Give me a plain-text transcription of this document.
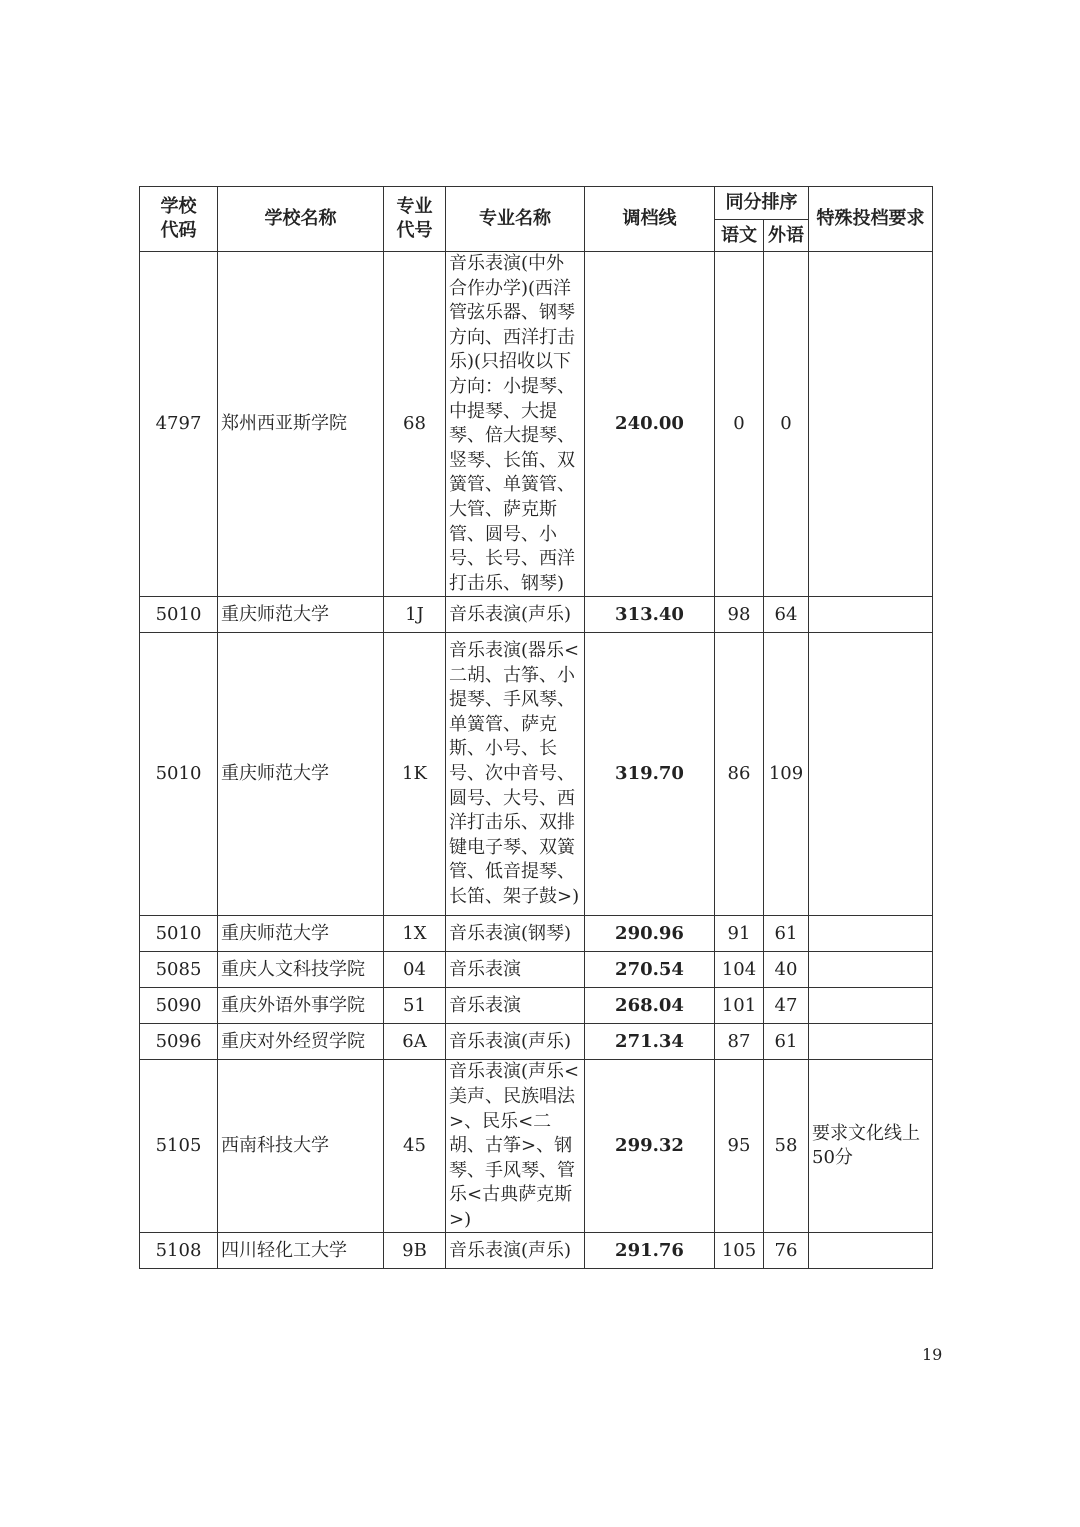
学校代码	学校名称	专业代号	专业名称	调档线	同分排序		特殊投档要求
					语文	外语	
4797	郑州西亚斯学院	68	音乐表演(中外合作办学)(西洋管弦乐器、钢琴方向、西洋打击乐)(只招收以下方向：小提琴、中提琴、大提琴、倍大提琴、竖琴、长笛、双簧管、单簧管、大管、萨克斯管、圆号、小号、长号、西洋打击乐、钢琴)	240.00	0	0	
5010	重庆师范大学	1J	音乐表演(声乐)	313.40	98	64	
5010	重庆师范大学	1K	音乐表演(器乐<二胡、古筝、小提琴、手风琴、单簧管、萨克斯、小号、长号、次中音号、圆号、大号、西洋打击乐、双排键电子琴、双簧管、低音提琴、长笛、架子鼓>)	319.70	86	109	
5010	重庆师范大学	1X	音乐表演(钢琴)	290.96	91	61	
5085	重庆人文科技学院	04	音乐表演	270.54	104	40	
5090	重庆外语外事学院	51	音乐表演	268.04	101	47	
5096	重庆对外经贸学院	6A	音乐表演(声乐)	271.34	87	61	
5105	西南科技大学	45	音乐表演(声乐<美声、民族唱法>、民乐<二胡、古筝>、钢琴、手风琴、管乐<古典萨克斯>)	299.32	95	58	要求文化线上50分
5108	四川轻化工大学	9B	音乐表演(声乐)	291.76	105	76	
19
